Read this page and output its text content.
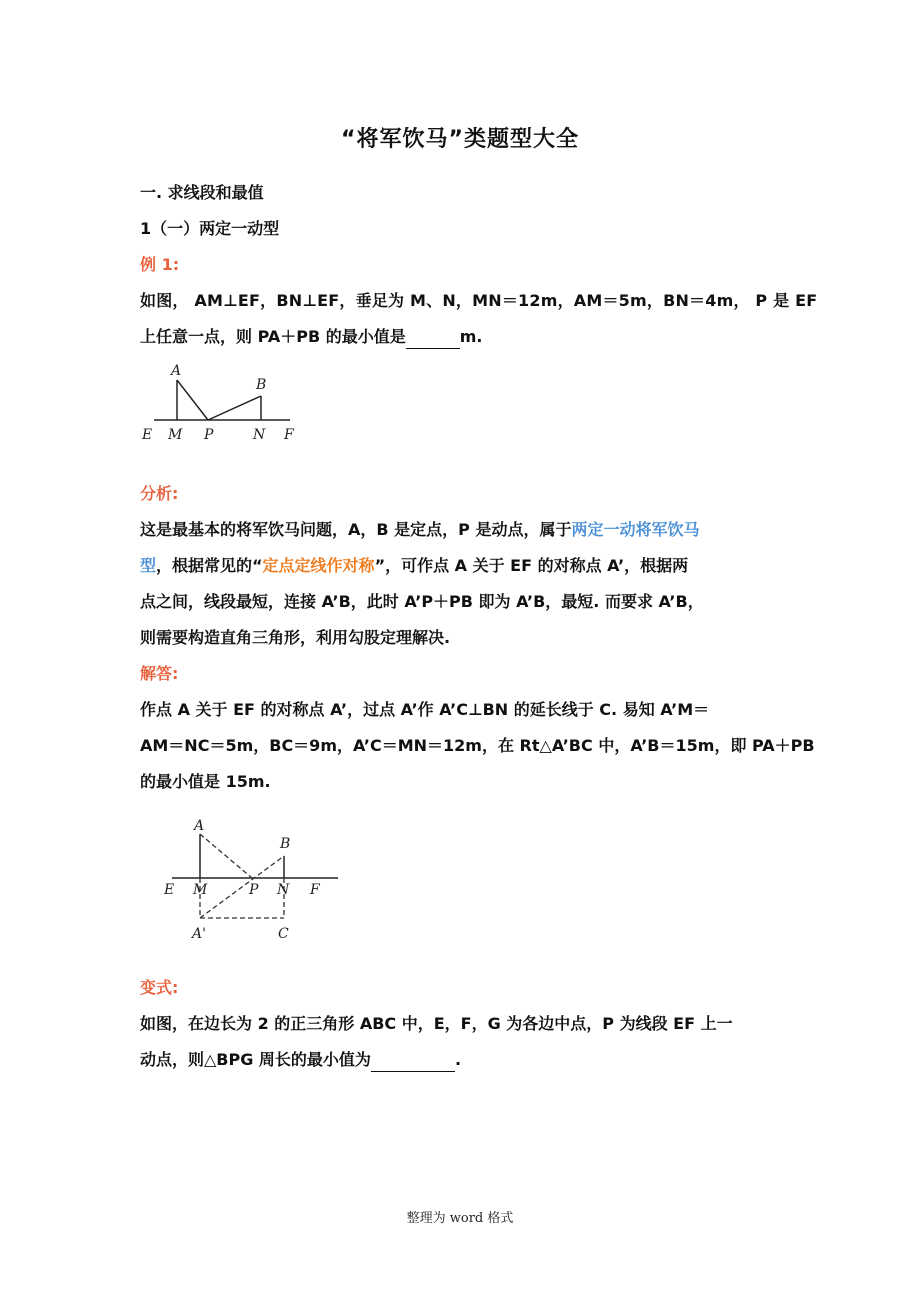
“将军饮马”类题型大全
一. 求线段和最值
1（一）两定一动型
例 1:
如图， AM⊥EF，BN⊥EF，垂足为 M、N，MN＝12m，AM＝5m，BN＝4m， P 是 EF
上任意一点，则 PA＋PB 的最小值是	m.
A
B
E M P	N F
分析:
这是最基本的将军饮马问题，A，B 是定点，P 是动点，属于两定一动将军饮马
型，根据常见的“定点定线作对称”，可作点 A 关于 EF 的对称点 A’，根据两
点之间，线段最短，连接 A’B，此时 A’P＋PB 即为 A’B，最短. 而要求 A’B，
则需要构造直角三角形，利用勾股定理解决.
解答:
作点 A 关于 EF 的对称点 A’，过点 A’作 A’C⊥BN 的延长线于 C. 易知 A’M＝
AM＝NC＝5m，BC＝9m，A’C＝MN＝12m，在 Rt△A’BC 中，A’B＝15m，即 PA＋PB
的最小值是 15m.
A
B
E M	P N F
A'	C
变式:
如图，在边长为 2 的正三角形 ABC 中，E，F，G 为各边中点，P 为线段 EF 上一
动点，则△BPG 周长的最小值为	.
整理为 word 格式
